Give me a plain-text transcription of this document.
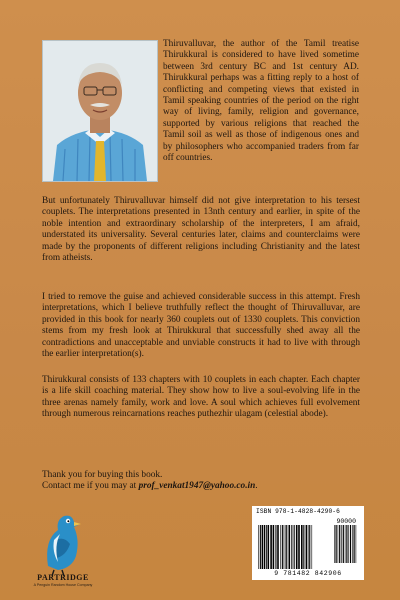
Thiruvalluvar, the author of the Tamil treatise Thirukkural is considered to have lived sometime between 3rd century BC and 1st century AD. Thirukkural perhaps was a fitting reply to a host of conflicting and competing views that existed in Tamil speaking countries of the period on the right way of living, family, religion and governance, supported by various religions that reached the Tamil soil as well as those of indigenous ones and by philosophers who accompanied traders from far off countries.

But unfortunately Thiruvalluvar himself did not give interpretation to his tersest couplets. The interpretations presented in 13nth century and earlier, in spite of the noble intention and extraordinary scholarship of the interpreters, I am afraid, understated its universality. Several centuries later, claims and counterclaims were made by the proponents of different religions including Christianity and the latest from atheists.

I tried to remove the guise and achieved considerable success in this attempt. Fresh interpretations, which I believe truthfully reflect the thought of Thiruvalluvar, are provided in this book for nearly 360 couplets out of 1330 couplets. This conviction stems from my fresh look at Thirukkural that successfully shed away all the contradictions and unacceptable and unviable constructs it had to live with through the earlier interpretation(s).

Thirukkural consists of 133 chapters with 10 couplets in each chapter. Each chapter is a life skill coaching material. They show how to live a soul-evolving life in the three arenas namely family, work and love. A soul which achieves full evolvement through numerous reincarnations reaches puthezhir ulagam (celestial abode).

Thank you for buying this book.
Contact me if you may at prof_venkat1947@yahoo.co.in.

PARTRIDGE
A Penguin Random House Company
ISBN 978-1-4828-4290-6
90000
9 781482 842906
